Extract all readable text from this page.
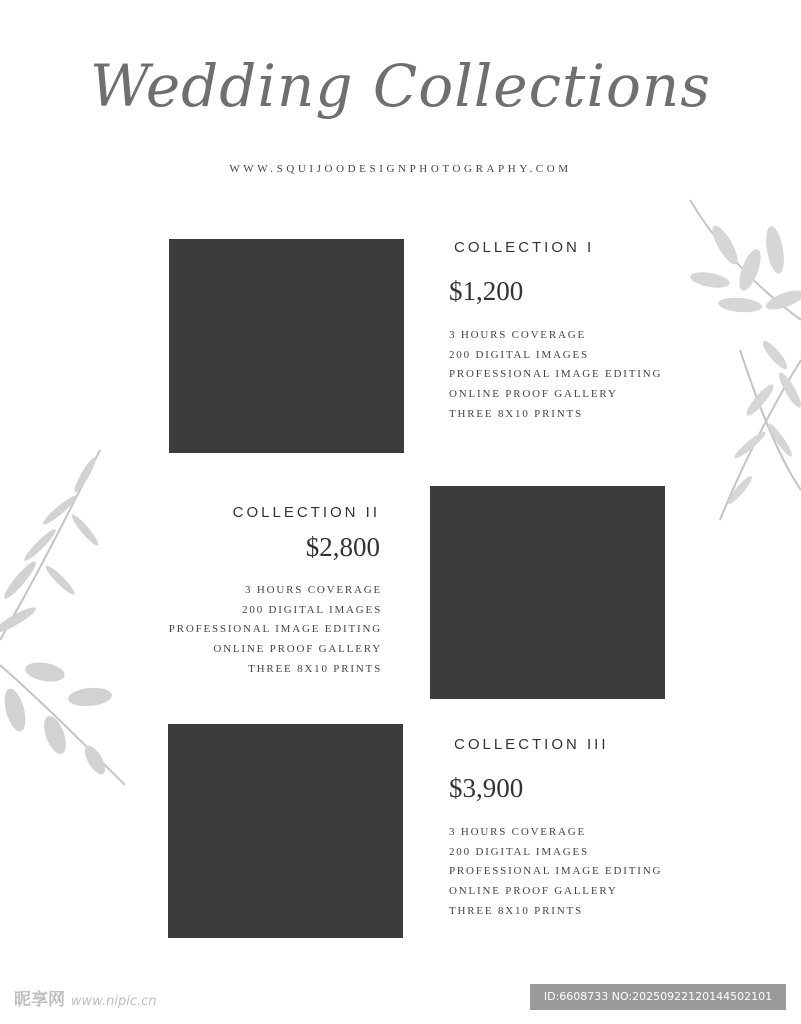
Wedding Collections
WWW.SQUIJOODESIGNPHOTOGRAPHY.COM
COLLECTION I
$1,200
3 HOURS COVERAGE
200 DIGITAL IMAGES
PROFESSIONAL IMAGE EDITING
ONLINE PROOF GALLERY
THREE 8X10 PRINTS
COLLECTION II
$2,800
3 HOURS COVERAGE
200 DIGITAL IMAGES
PROFESSIONAL IMAGE EDITING
ONLINE PROOF GALLERY
THREE 8X10 PRINTS
COLLECTION III
$3,900
3 HOURS COVERAGE
200 DIGITAL IMAGES
PROFESSIONAL IMAGE EDITING
ONLINE PROOF GALLERY
THREE 8X10 PRINTS
昵享网 www.nipic.cn	ID:6608733 NO:20250922120144502101
